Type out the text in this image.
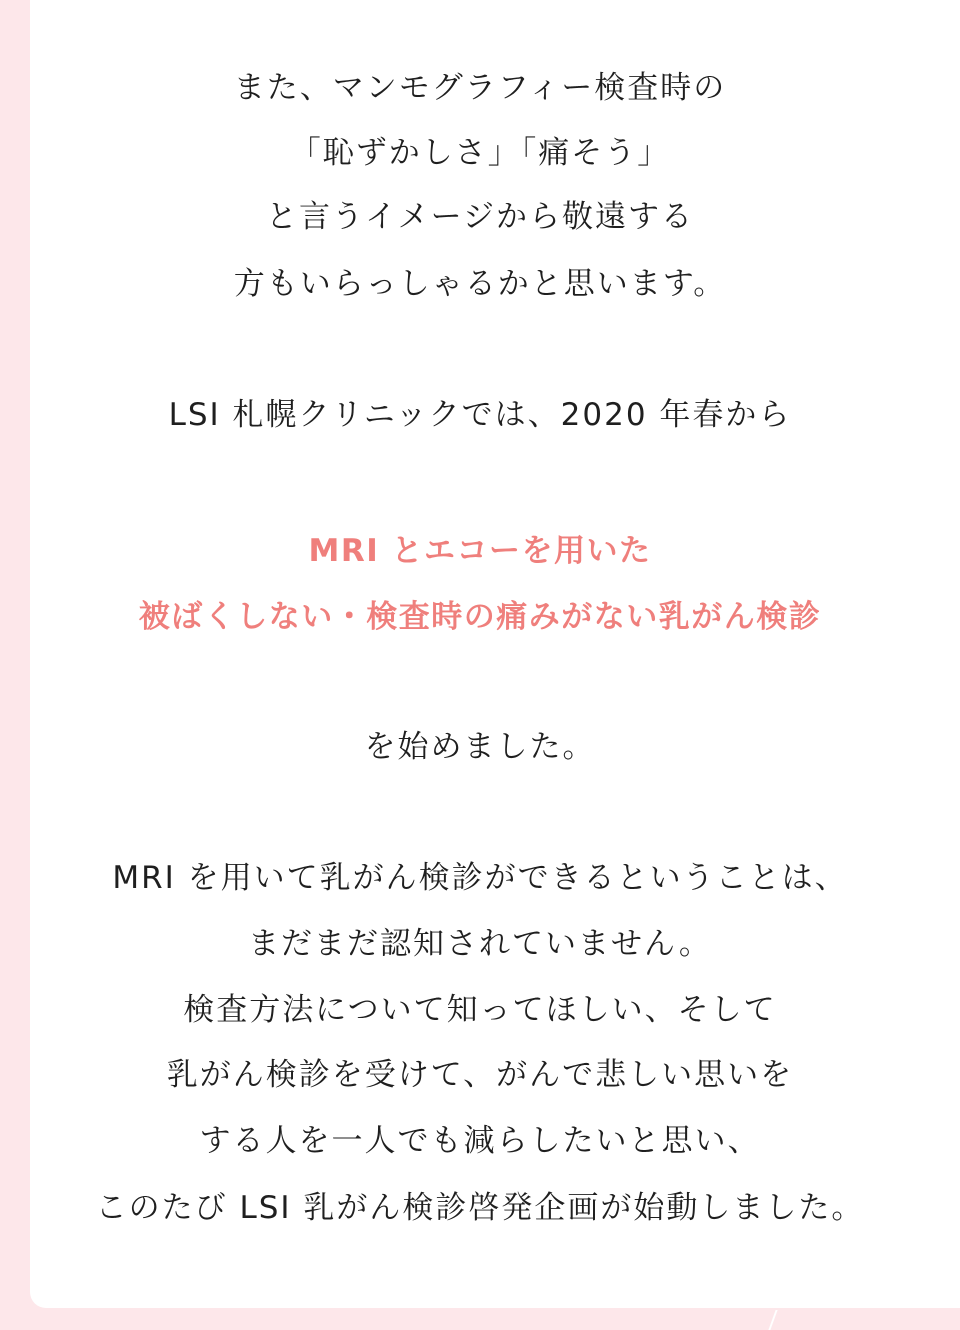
また、マンモグラフィー検査時の
「恥ずかしさ」「痛そう」
と言うイメージから敬遠する
方もいらっしゃるかと思います。
LSI 札幌クリニックでは、2020 年春から
MRI とエコーを用いた
被ばくしない・検査時の痛みがない乳がん検診
を始めました。
MRI を用いて乳がん検診ができるということは、
まだまだ認知されていません。
検査方法について知ってほしい、そして
乳がん検診を受けて、がんで悲しい思いを
する人を一人でも減らしたいと思い、
このたび LSI 乳がん検診啓発企画が始動しました。
